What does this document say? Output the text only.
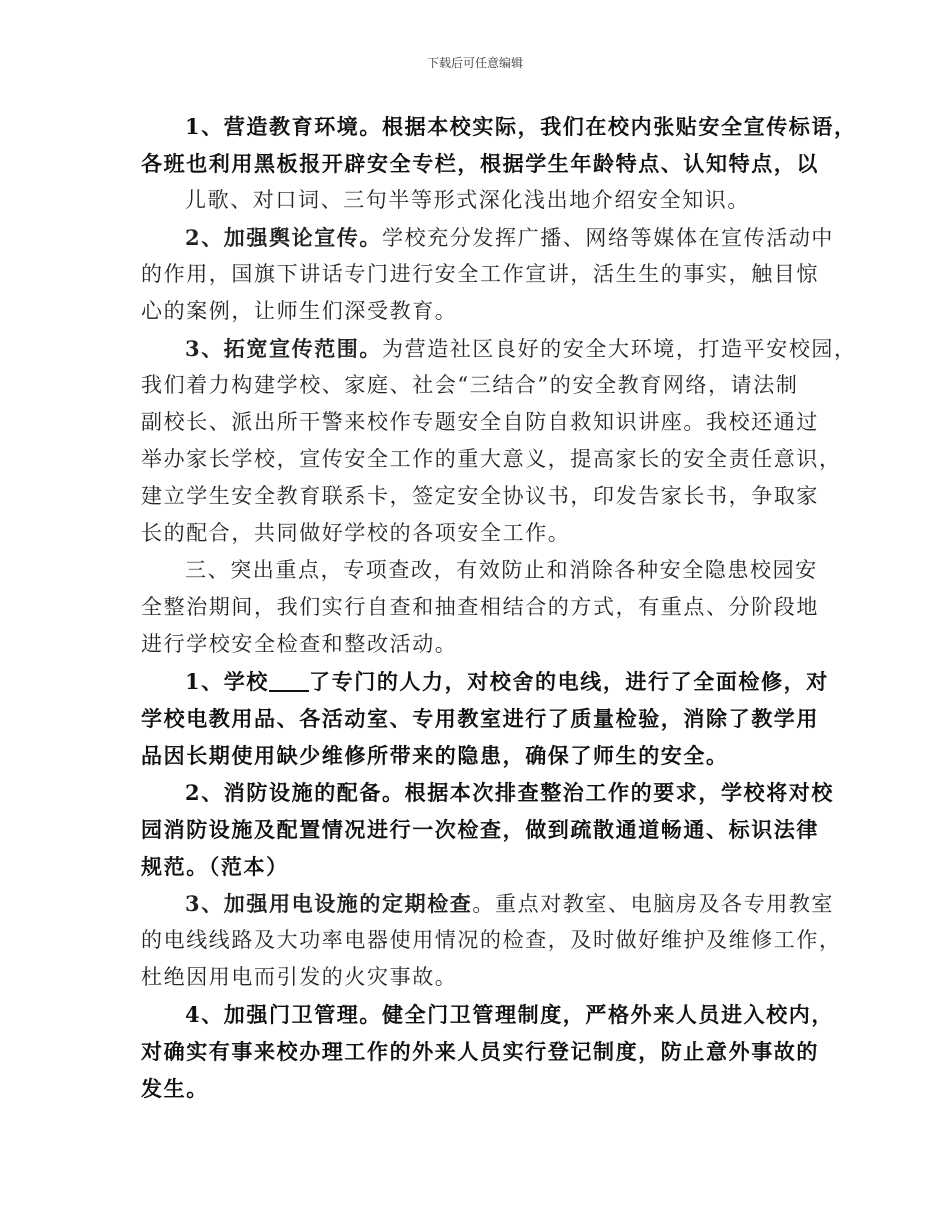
下载后可任意编辑
1、营造教育环境。根据本校实际，我们在校内张贴安全宣传标语，
各班也利用黑板报开辟安全专栏，根据学生年龄特点、认知特点，以
儿歌、对口词、三句半等形式深化浅出地介绍安全知识。
2、加强舆论宣传。学校充分发挥广播、网络等媒体在宣传活动中
的作用，国旗下讲话专门进行安全工作宣讲，活生生的事实，触目惊
心的案例，让师生们深受教育。
3、拓宽宣传范围。为营造社区良好的安全大环境，打造平安校园，
我们着力构建学校、家庭、社会“三结合”的安全教育网络，请法制
副校长、派出所干警来校作专题安全自防自救知识讲座。我校还通过
举办家长学校，宣传安全工作的重大意义，提高家长的安全责任意识，
建立学生安全教育联系卡，签定安全协议书，印发告家长书，争取家
长的配合，共同做好学校的各项安全工作。
三、突出重点，专项查改，有效防止和消除各种安全隐患校园安
全整治期间，我们实行自查和抽查相结合的方式，有重点、分阶段地
进行学校安全检查和整改活动。
1、学校 了专门的人力，对校舍的电线，进行了全面检修，对
学校电教用品、各活动室、专用教室进行了质量检验，消除了教学用
品因长期使用缺少维修所带来的隐患，确保了师生的安全。
2、消防设施的配备。根据本次排查整治工作的要求，学校将对校
园消防设施及配置情况进行一次检查，做到疏散通道畅通、标识法律
规范。（范本）
3、加强用电设施的定期检查。重点对教室、电脑房及各专用教室
的电线线路及大功率电器使用情况的检查，及时做好维护及维修工作，
杜绝因用电而引发的火灾事故。
4、加强门卫管理。健全门卫管理制度，严格外来人员进入校内，
对确实有事来校办理工作的外来人员实行登记制度，防止意外事故的
发生。
